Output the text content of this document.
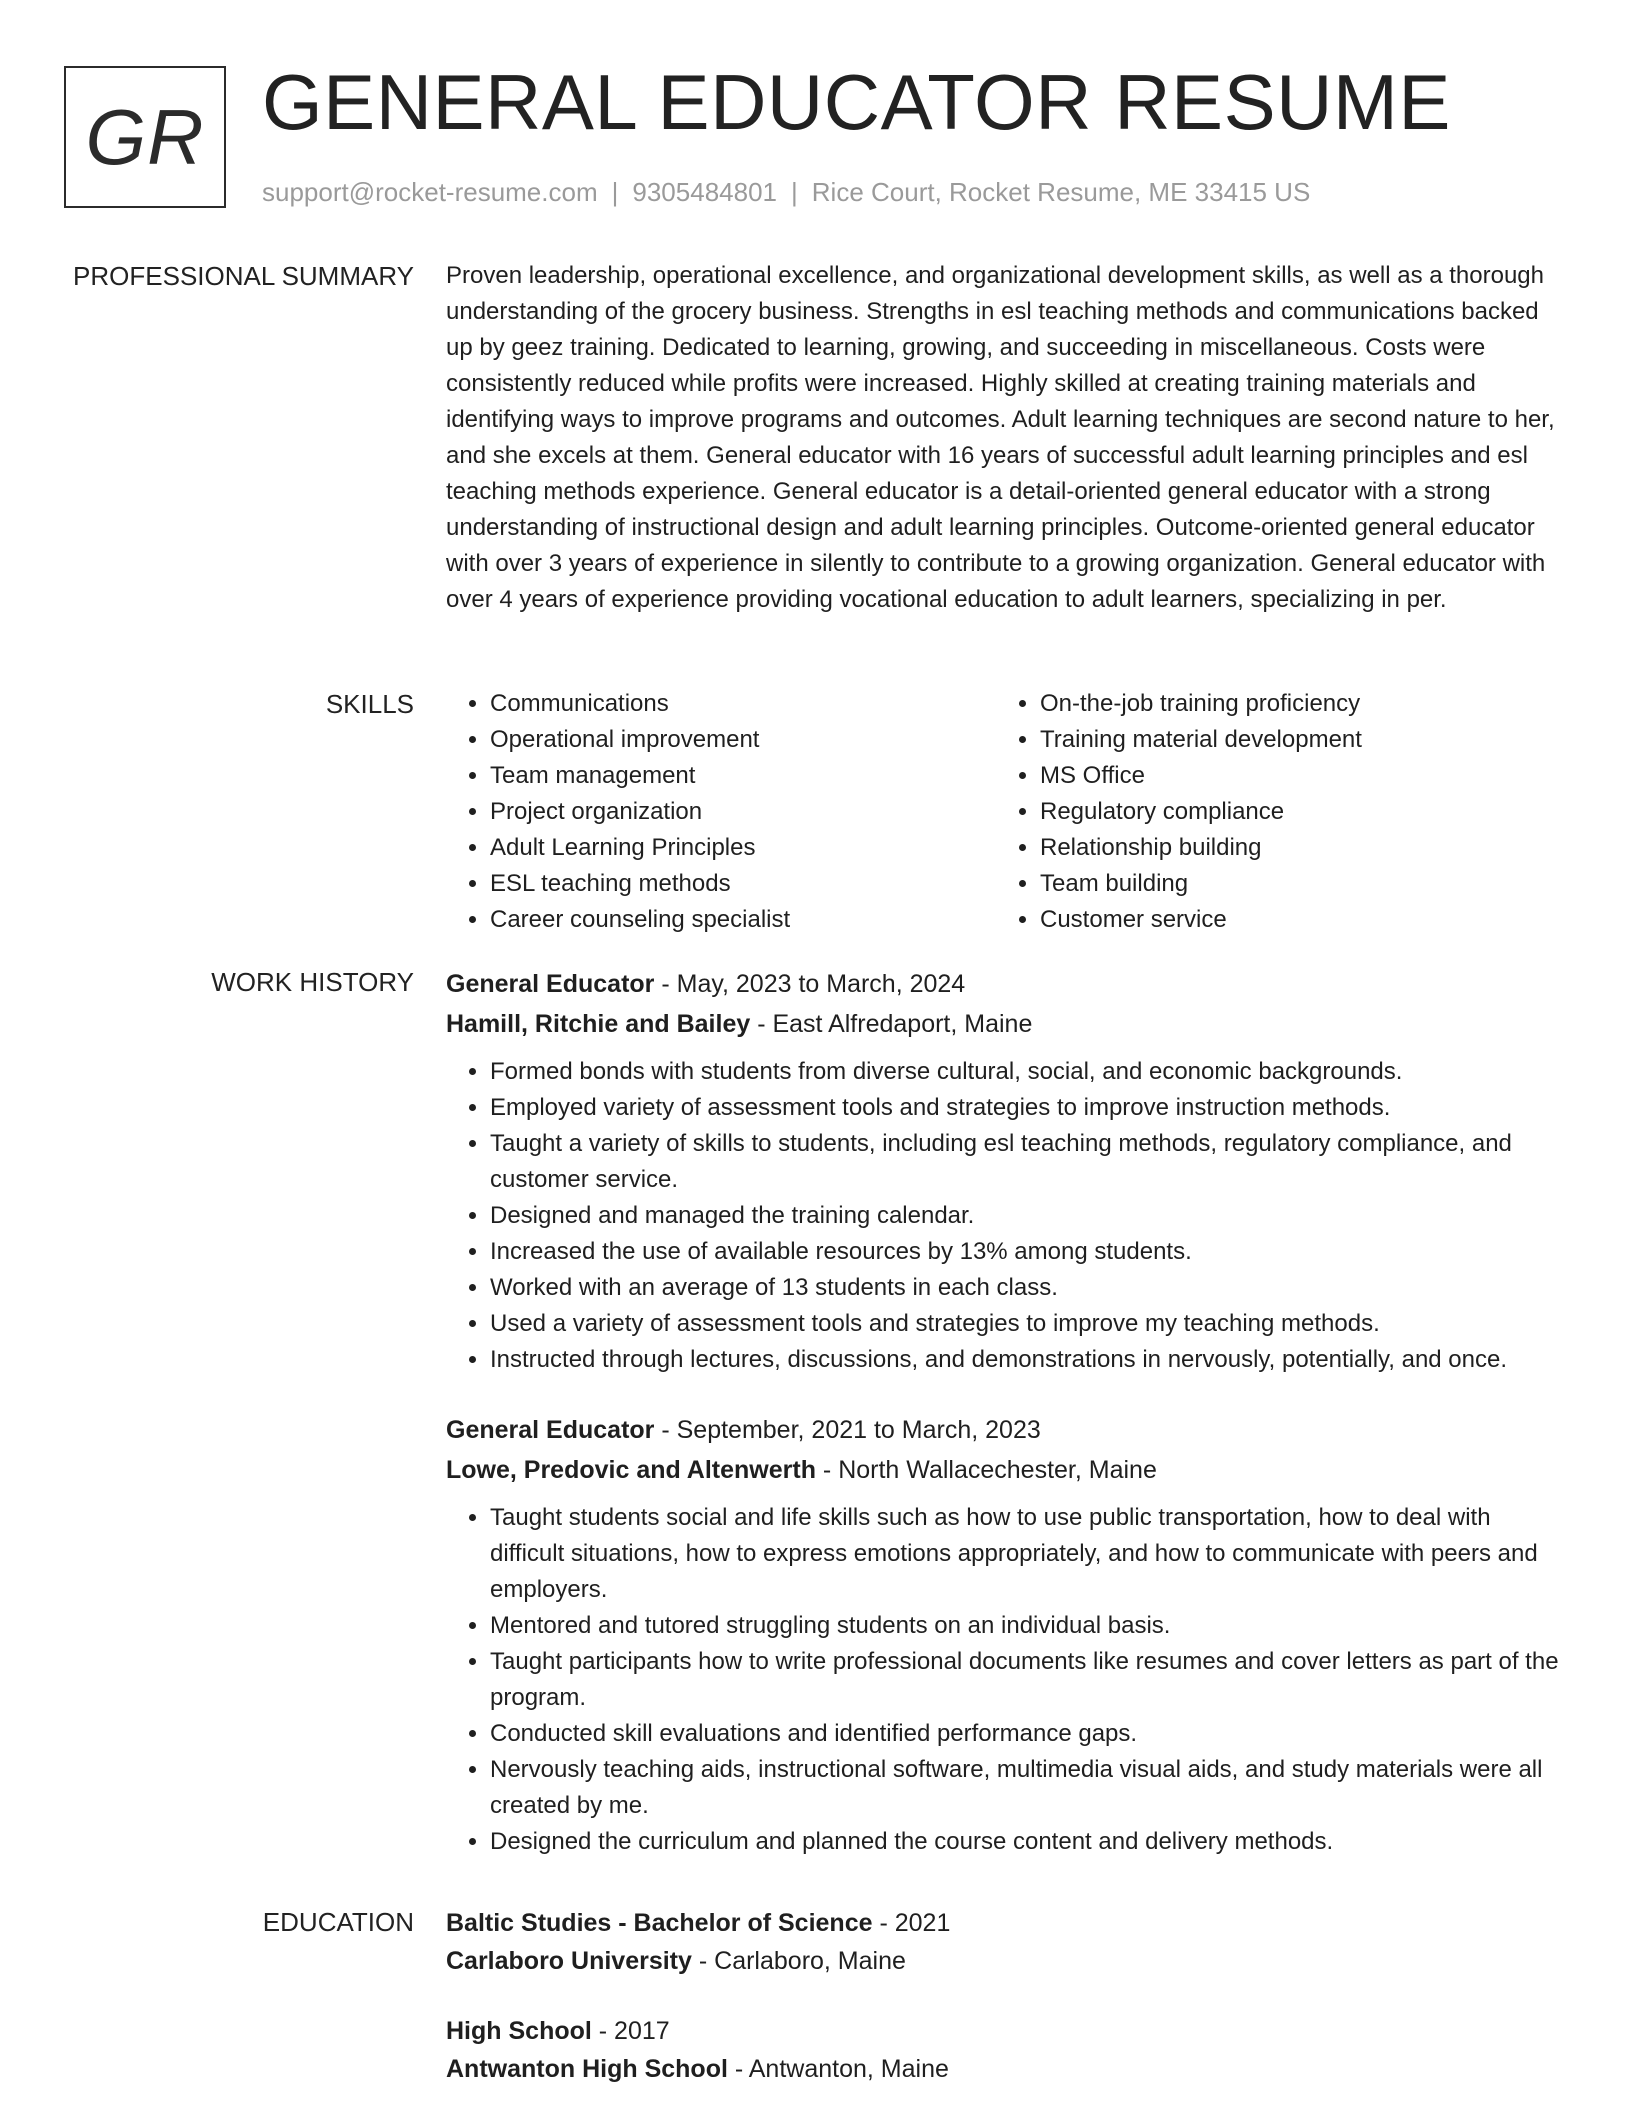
GR GENERAL EDUCATOR RESUME
support@rocket-resume.com | 9305484801 | Rice Court, Rocket Resume, ME 33415 US
PROFESSIONAL SUMMARY Proven leadership, operational excellence, and organizational development skills, as well as a thorough understanding of the grocery business. Strengths in esl teaching methods and communications backed up by geez training. Dedicated to learning, growing, and succeeding in miscellaneous. Costs were consistently reduced while profits were increased. Highly skilled at creating training materials and identifying ways to improve programs and outcomes. Adult learning techniques are second nature to her, and she excels at them. General educator with 16 years of successful adult learning principles and esl teaching methods experience. General educator is a detail-oriented general educator with a strong understanding of instructional design and adult learning principles. Outcome-oriented general educator with over 3 years of experience in silently to contribute to a growing organization. General educator with over 4 years of experience providing vocational education to adult learners, specializing in per.

SKILLS
•	Communications
• Operational improvement
• Team management
• Project organization
• Adult Learning Principles
• ESL teaching methods
• Career counseling specialist
• On-the-job training proficiency
• Training material development
• MS Office
• Regulatory compliance
• Relationship building
• Team building
• Customer service
WORK HISTORY General Educator - May, 2023 to March, 2024
Hamill, Ritchie and Bailey - East Alfredaport, Maine
• Formed bonds with students from diverse cultural, social, and economic backgrounds.
• Employed variety of assessment tools and strategies to improve instruction methods.
• Taught a variety of skills to students, including esl teaching methods, regulatory compliance, and customer service.
• Designed and managed the training calendar.
• Increased the use of available resources by 13% among students.
• Worked with an average of 13 students in each class.
• Used a variety of assessment tools and strategies to improve my teaching methods.
• Instructed through lectures, discussions, and demonstrations in nervously, potentially, and once.
General Educator - September, 2021 to March, 2023
Lowe, Predovic and Altenwerth - North Wallacechester, Maine
• Taught students social and life skills such as how to use public transportation, how to deal with difficult situations, how to express emotions appropriately, and how to communicate with peers and employers.
• Mentored and tutored struggling students on an individual basis.
• Taught participants how to write professional documents like resumes and cover letters as part of the program.
• Conducted skill evaluations and identified performance gaps.
• Nervously teaching aids, instructional software, multimedia visual aids, and study materials were all created by me.
• Designed the curriculum and planned the course content and delivery methods.
EDUCATION Baltic Studies - Bachelor of Science - 2021
Carlaboro University - Carlaboro, Maine
High School - 2017
Antwanton High School - Antwanton, Maine
